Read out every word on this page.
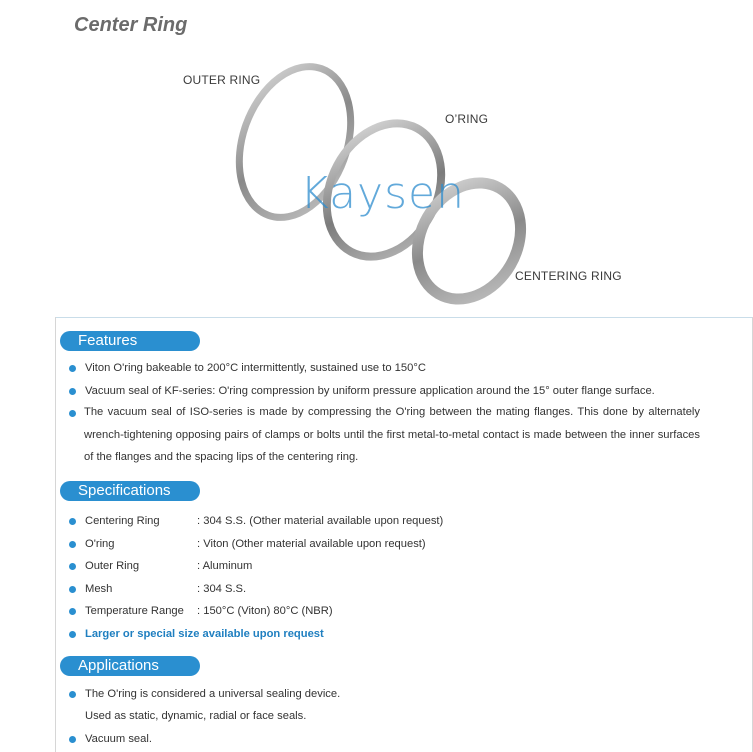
Center Ring
OUTER RING
O’RING
CENTERING RING
Kaysen
Features
Viton O'ring bakeable to 200°C intermittently, sustained use to 150°C
Vacuum seal of KF-series: O'ring compression by uniform pressure application around the 15° outer flange surface.
The vacuum seal of ISO-series is made by compressing the O'ring between the mating flanges. This done by alternately wrench-tightening opposing pairs of clamps or bolts until the first metal-to-metal contact is made between the inner surfaces of the flanges and the spacing lips of the centering ring.
Specifications
Centering Ring	: 304 S.S. (Other material available upon request)
O'ring	: Viton (Other material available upon request)
Outer Ring	: Aluminum
Mesh	: 304 S.S.
Temperature Range : 150°C (Viton) 80°C (NBR)
Larger or special size available upon request
Applications
The O'ring is considered a universal sealing device.
Used as static, dynamic, radial or face seals.
Vacuum seal.
